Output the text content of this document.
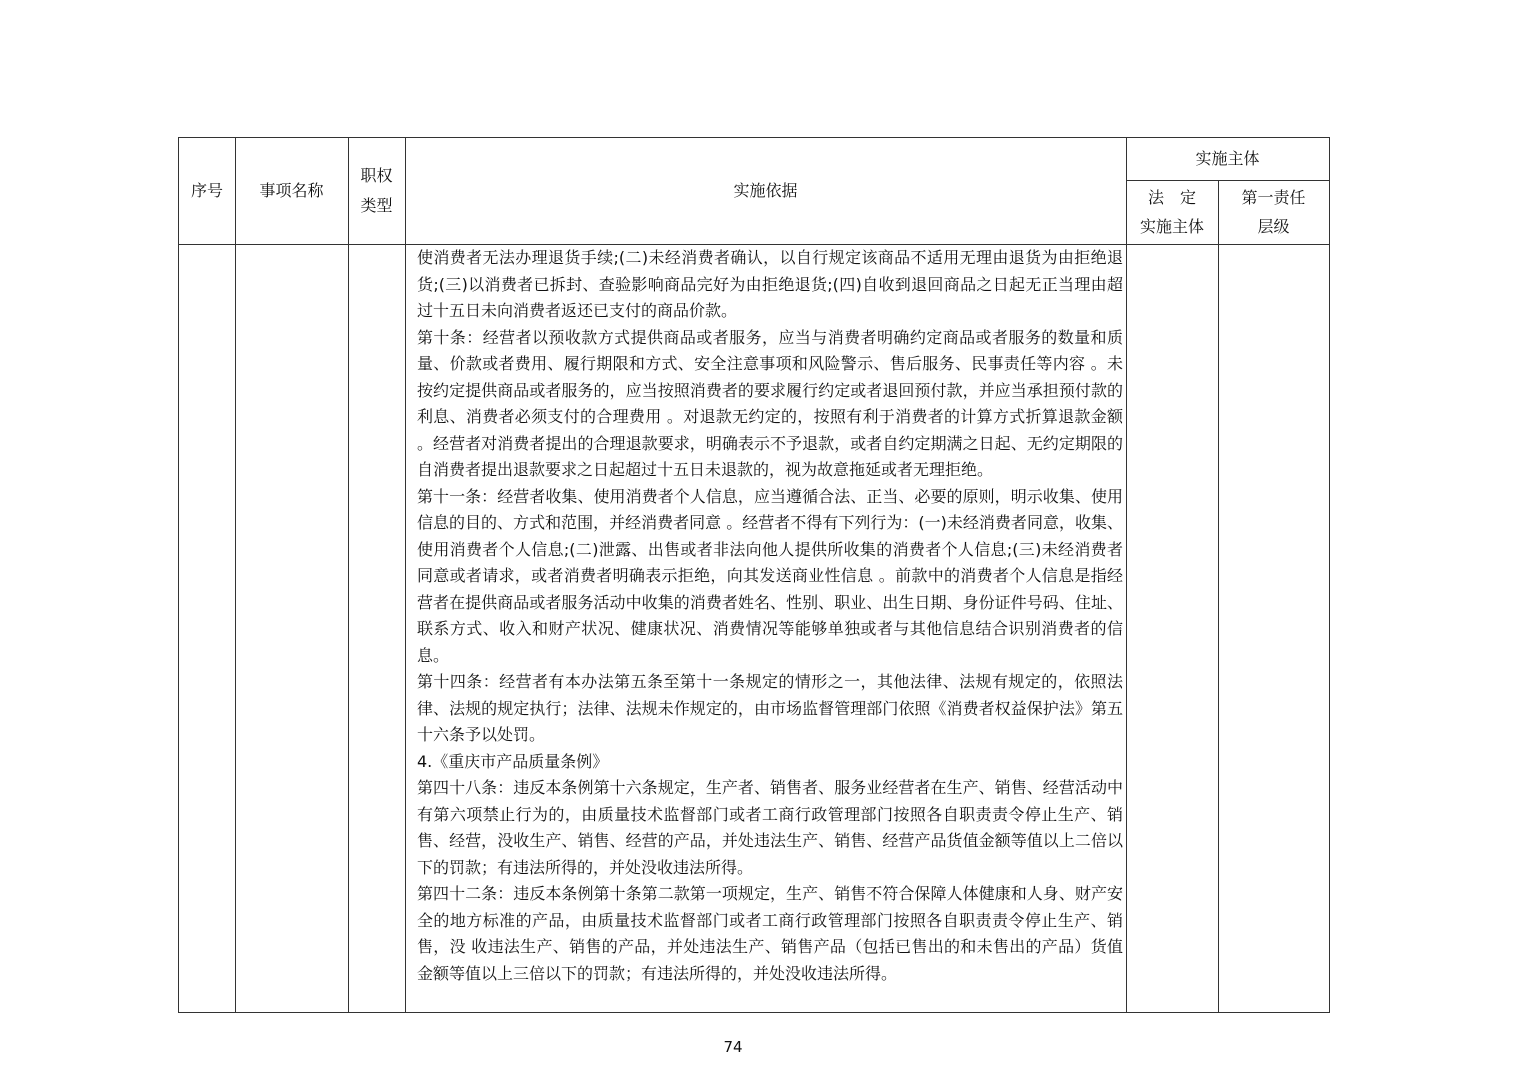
序号 事项名称
职权
类型
实施依据
实施主体
法　定
实施主体
第一责任
层级

使消费者无法办理退货手续;(二)未经消费者确认，以自行规定该商品不适用无理由退货为由拒绝退货;(三)以消费者已拆封、查验影响商品完好为由拒绝退货;(四)自收到退回商品之日起无正当理由超过十五日未向消费者返还已支付的商品价款。

第十条：经营者以预收款方式提供商品或者服务，应当与消费者明确约定商品或者服务的数量和质量、价款或者费用、履行期限和方式、安全注意事项和风险警示、售后服务、民事责任等内容 。未按约定提供商品或者服务的，应当按照消费者的要求履行约定或者退回预付款，并应当承担预付款的利息、消费者必须支付的合理费用 。对退款无约定的，按照有利于消费者的计算方式折算退款金额 。经营者对消费者提出的合理退款要求，明确表示不予退款，或者自约定期满之日起、无约定期限的自消费者提出退款要求之日起超过十五日未退款的，视为故意拖延或者无理拒绝。

第十一条：经营者收集、使用消费者个人信息，应当遵循合法、正当、必要的原则，明示收集、使用信息的目的、方式和范围，并经消费者同意 。经营者不得有下列行为：(一)未经消费者同意，收集、使用消费者个人信息;(二)泄露、出售或者非法向他人提供所收集的消费者个人信息;(三)未经消费者同意或者请求，或者消费者明确表示拒绝，向其发送商业性信息 。前款中的消费者个人信息是指经营者在提供商品或者服务活动中收集的消费者姓名、性别、职业、出生日期、身份证件号码、住址、联系方式、收入和财产状况、健康状况、消费情况等能够单独或者与其他信息结合识别消费者的信息。

第十四条：经营者有本办法第五条至第十一条规定的情形之一，其他法律、法规有规定的，依照法律、法规的规定执行；法律、法规未作规定的，由市场监督管理部门依照《消费者权益保护法》第五十六条予以处罚。

4.《重庆市产品质量条例》

第四十八条：违反本条例第十六条规定，生产者、销售者、服务业经营者在生产、销售、经营活动中有第六项禁止行为的，由质量技术监督部门或者工商行政管理部门按照各自职责责令停止生产、销售、经营，没收生产、销售、经营的产品，并处违法生产、销售、经营产品货值金额等值以上二倍以下的罚款；有违法所得的，并处没收违法所得。

第四十二条：违反本条例第十条第二款第一项规定，生产、销售不符合保障人体健康和人身、财产安全的地方标准的产品，由质量技术监督部门或者工商行政管理部门按照各自职责责令停止生产、销售，没 收违法生产、销售的产品，并处违法生产、销售产品（包括已售出的和未售出的产品）货值金额等值以上三倍以下的罚款；有违法所得的，并处没收违法所得。

74
